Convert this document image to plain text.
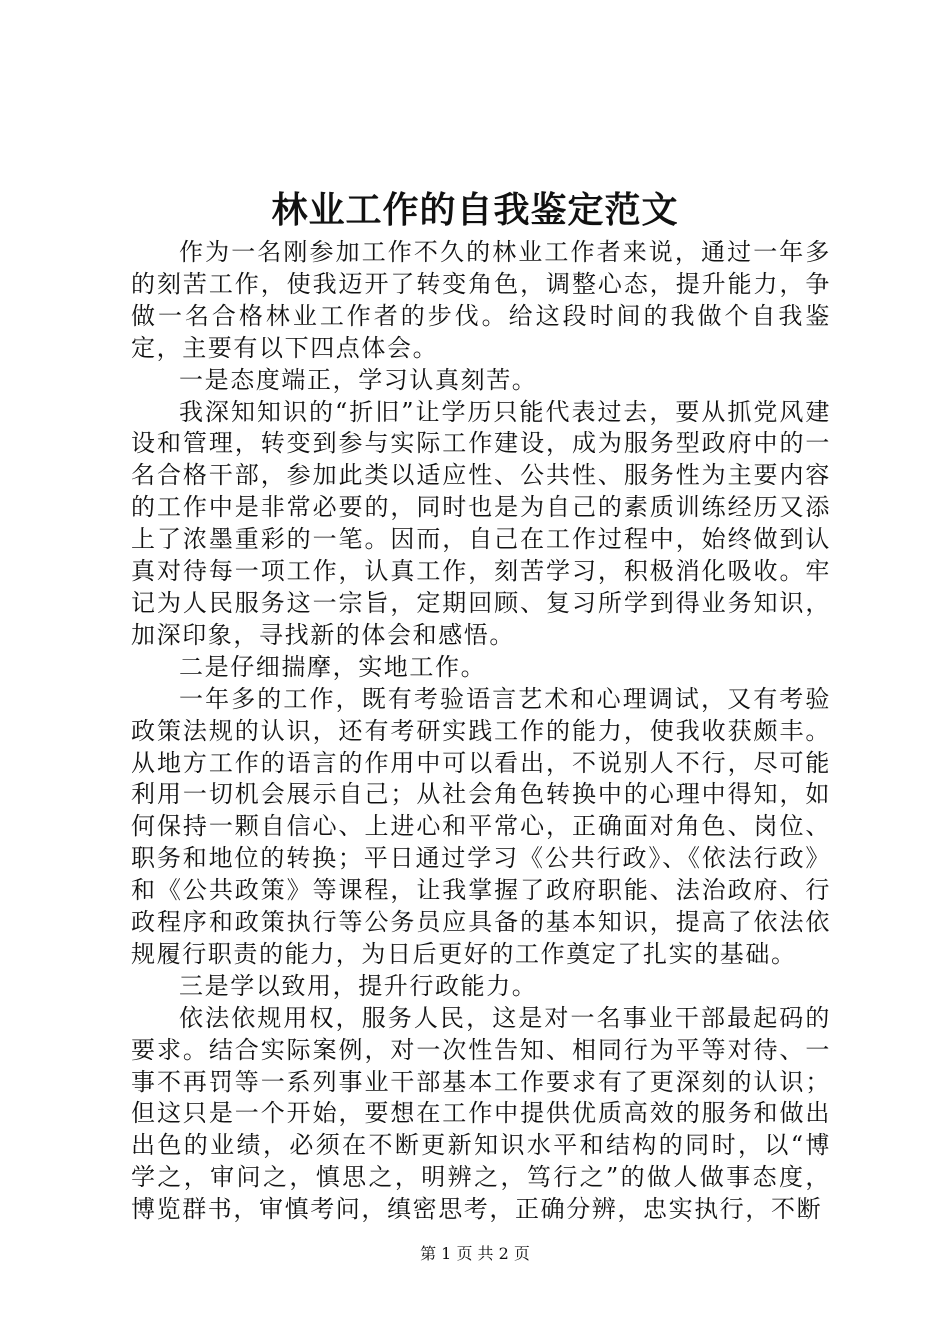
林业工作的自我鉴定范文

作为一名刚参加工作不久的林业工作者来说，通过一年多的刻苦工作，使我迈开了转变角色，调整心态，提升能力，争做一名合格林业工作者的步伐。给这段时间的我做个自我鉴定，主要有以下四点体会。

一是态度端正，学习认真刻苦。

我深知知识的“折旧”让学历只能代表过去，要从抓党风建设和管理，转变到参与实际工作建设，成为服务型政府中的一名合格干部，参加此类以适应性、公共性、服务性为主要内容的工作中是非常必要的，同时也是为自己的素质训练经历又添上了浓墨重彩的一笔。因而，自己在工作过程中，始终做到认真对待每一项工作，认真工作，刻苦学习，积极消化吸收。牢记为人民服务这一宗旨，定期回顾、复习所学到得业务知识，加深印象，寻找新的体会和感悟。

二是仔细揣摩，实地工作。

一年多的工作，既有考验语言艺术和心理调试，又有考验政策法规的认识，还有考研实践工作的能力，使我收获颇丰。从地方工作的语言的作用中可以看出，不说别人不行，尽可能利用一切机会展示自己；从社会角色转换中的心理中得知，如何保持一颗自信心、上进心和平常心，正确面对角色、岗位、职务和地位的转换；平日通过学习《公共行政》、《依法行政》和《公共政策》等课程，让我掌握了政府职能、法治政府、行政程序和政策执行等公务员应具备的基本知识，提高了依法依规履行职责的能力，为日后更好的工作奠定了扎实的基础。

三是学以致用，提升行政能力。

依法依规用权，服务人民，这是对一名事业干部最起码的要求。结合实际案例，对一次性告知、相同行为平等对待、一事不再罚等一系列事业干部基本工作要求有了更深刻的认识；但这只是一个开始，要想在工作中提供优质高效的服务和做出出色的业绩，必须在不断更新知识水平和结构的同时，以“博学之，审问之，慎思之，明辨之，笃行之”的做人做事态度，博览群书，审慎考问，缜密思考，正确分辨，忠实执行，不断

第 1 页 共 2 页
